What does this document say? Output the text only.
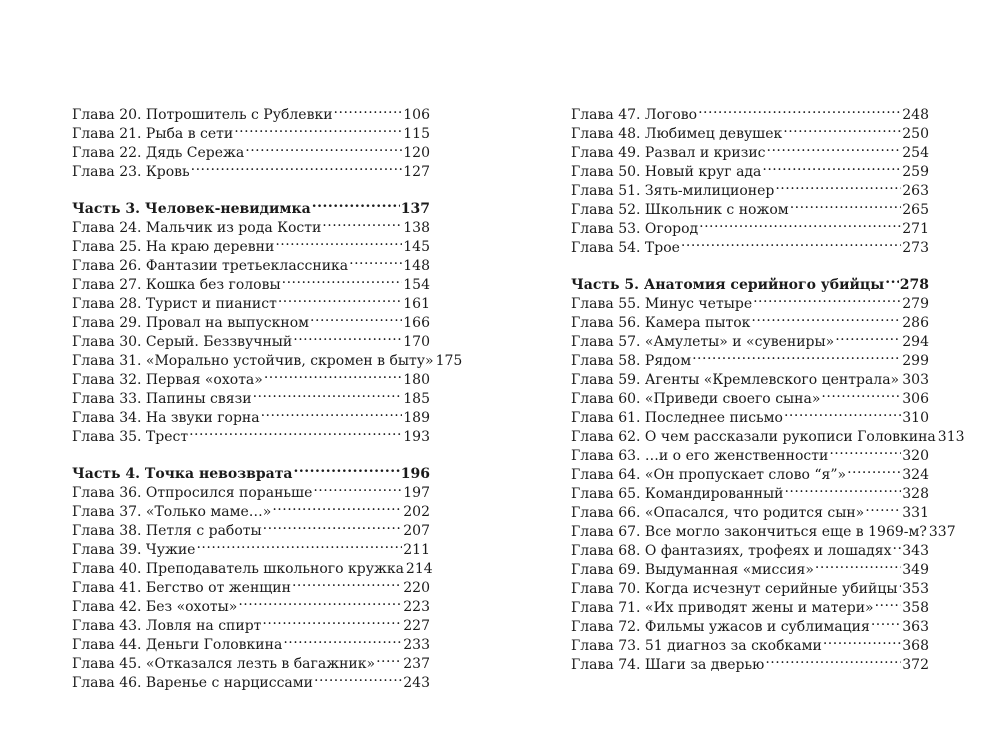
Глава 20. Потрошитель с Рублевки .....	106
Глава 21. Рыба в сети .....	115
Глава 22. Дядь Сережа .....	120
Глава 23. Кровь .....	127
Часть 3. Человек-невидимка .....	137
Глава 24. Мальчик из рода Кости .....	138
Глава 25. На краю деревни .....	145
Глава 26. Фантазии третьеклассника .....	148
Глава 27. Кошка без головы .....	154
Глава 28. Турист и пианист .....	161
Глава 29. Провал на выпускном .....	166
Глава 30. Серый. Беззвучный .....	170
Глава 31. «Морально устойчив, скромен в быту» 175
Глава 32. Первая «охота» .....	180
Глава 33. Папины связи .....	185
Глава 34. На звуки горна .....	189
Глава 35. Трест .....	193
Часть 4. Точка невозврата .....	196
Глава 36. Отпросился пораньше .....	197
Глава 37. «Только маме…» .....	202
Глава 38. Петля с работы .....	207
Глава 39. Чужие .....	211
Глава 40. Преподаватель школьного кружка 214
Глава 41. Бегство от женщин .....	220
Глава 42. Без «охоты» .....	223
Глава 43. Ловля на спирт .....	227
Глава 44. Деньги Головкина .....	233
Глава 45. «Отказался лезть в багажник» ..... 237
Глава 46. Варенье с нарциссами .....	243
Глава 47. Логово .....	248
Глава 48. Любимец девушек .....	250
Глава 49. Развал и кризис .....	254
Глава 50. Новый круг ада .....	259
Глава 51. Зять-милиционер .....	263
Глава 52. Школьник с ножом .....	265
Глава 53. Огород .....	271
Глава 54. Трое .....	273
Часть 5. Анатомия серийного убийцы ..... 278
Глава 55. Минус четыре .....	279
Глава 56. Камера пыток .....	286
Глава 57. «Амулеты» и «сувениры» .....	294
Глава 58. Рядом .....	299
Глава 59. Агенты «Кремлевского централа» ..... 303
Глава 60. «Приведи своего сына» .....	306
Глава 61. Последнее письмо .....	310
Глава 62. О чем рассказали рукописи Головкина 313
Глава 63. …и о его женственности .....	320
Глава 64. «Он пропускает слово “я”» .....	324
Глава 65. Командированный .....	328
Глава 66. «Опасался, что родится сын» .....	331
Глава 67. Все могло закончиться еще в 1969-м? 337
Глава 68. О фантазиях, трофеях и лошадях ..... 343
Глава 69. Выдуманная «миссия» .....	349
Глава 70. Когда исчезнут серийные убийцы ..... 353
Глава 71. «Их приводят жены и матери» ..... 358
Глава 72. Фильмы ужасов и сублимация ..... 363
Глава 73. 51 диагноз за скобками .....	368
Глава 74. Шаги за дверью .....	372
